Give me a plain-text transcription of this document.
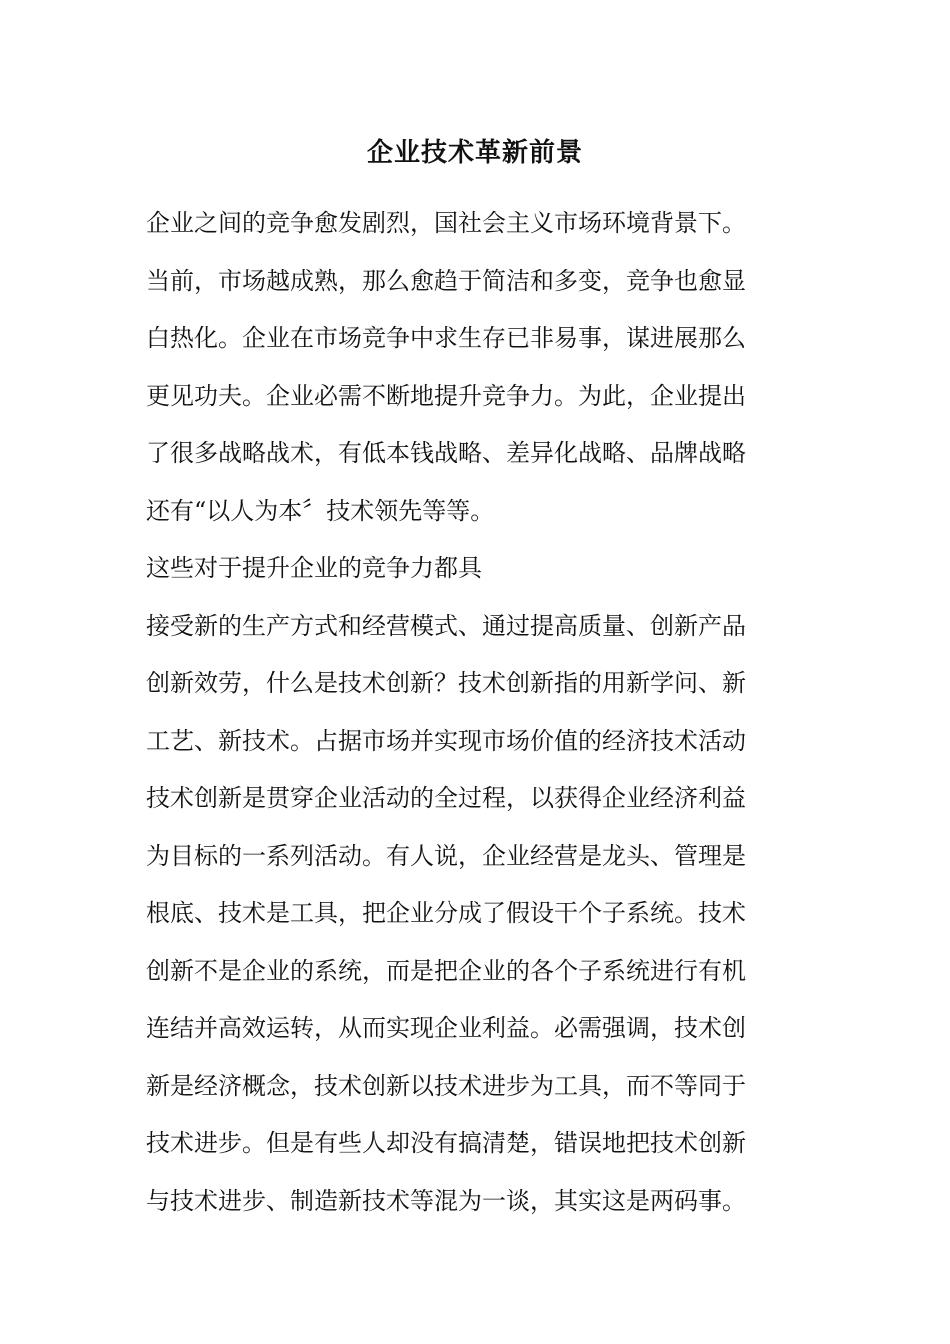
企业技术革新前景

企业之间的竞争愈发剧烈，国社会主义市场环境背景下。
当前，市场越成熟，那么愈趋于简洁和多变，竞争也愈显
白热化。企业在市场竞争中求生存已非易事，谋进展那么
更见功夫。企业必需不断地提升竞争力。为此，企业提出
了很多战略战术，有低本钱战略、差异化战略、品牌战略
还有“以人为本〞技术领先等等。

这些对于提升企业的竞争力都具

接受新的生产方式和经营模式、通过提高质量、创新产品
创新效劳，什么是技术创新？技术创新指的用新学问、新
工艺、新技术。占据市场并实现市场价值的经济技术活动
技术创新是贯穿企业活动的全过程，以获得企业经济利益
为目标的一系列活动。有人说，企业经营是龙头、管理是
根底、技术是工具，把企业分成了假设干个子系统。技术
创新不是企业的系统，而是把企业的各个子系统进行有机
连结并高效运转，从而实现企业利益。必需强调，技术创
新是经济概念，技术创新以技术进步为工具，而不等同于
技术进步。但是有些人却没有搞清楚，错误地把技术创新
与技术进步、制造新技术等混为一谈，其实这是两码事。
